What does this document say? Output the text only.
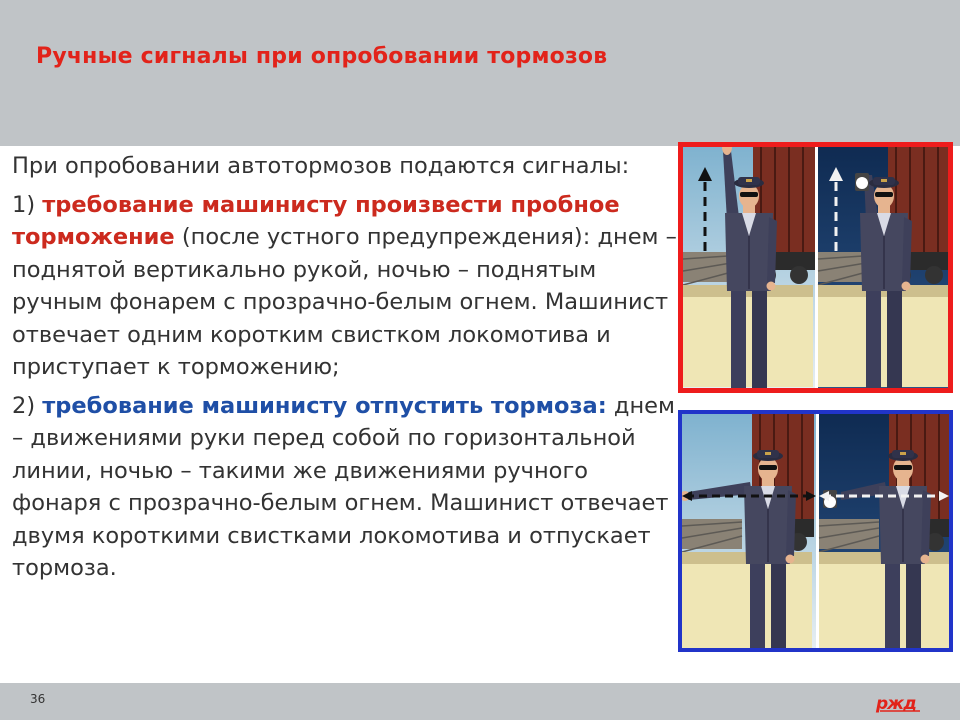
Ручные сигналы при опробовании тормозов

При опробовании автотормозов подаются сигналы:

1) требование машинисту произвести пробное торможение (после устного предупреждения): днем – поднятой вертикально рукой, ночью – поднятым ручным фонарем с прозрачно-белым огнем. Машинист отвечает одним коротким свистком локомотива и приступает к торможению;

2) требование машинисту отпустить тормоза: днем – движениями руки перед собой по горизонтальной линии, ночью – такими же движениями ручного фонаря с прозрачно-белым огнем. Машинист отвечает двумя короткими свистками локомотива и отпускает тормоза.

36	ржд
